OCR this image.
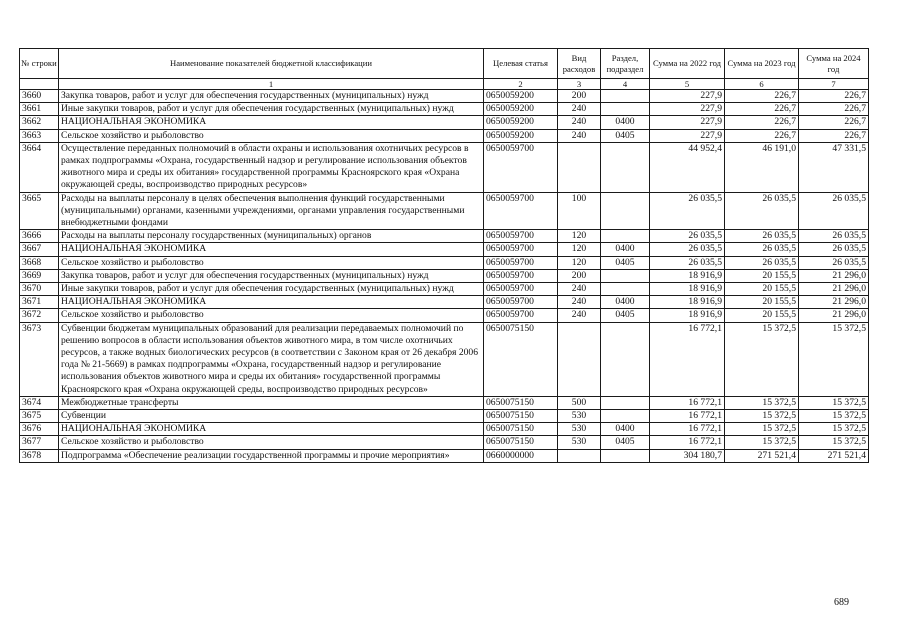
№ строки	Наименование показателей бюджетной классификации	Целевая статья	Вид расходов	Раздел, подраздел	Сумма на 2022 год	Сумма на 2023 год	Сумма на 2024 год
	1	2	3	4	5	6	7
3660	Закупка товаров, работ и услуг для обеспечения государственных (муниципальных) нужд	0650059200	200		227,9	226,7	226,7
3661	Иные закупки товаров, работ и услуг для обеспечения государственных (муниципальных) нужд	0650059200	240		227,9	226,7	226,7
3662	НАЦИОНАЛЬНАЯ ЭКОНОМИКА	0650059200	240	0400	227,9	226,7	226,7
3663	Сельское хозяйство и рыболовство	0650059200	240	0405	227,9	226,7	226,7
3664	Осуществление переданных полномочий в области охраны и использования охотничьих ресурсов в рамках подпрограммы «Охрана, государственный надзор и регулирование использования объектов животного мира и среды их обитания» государственной программы Красноярского края «Охрана окружающей среды, воспроизводство природных ресурсов»	0650059700			44 952,4	46 191,0	47 331,5
3665	Расходы на выплаты персоналу в целях обеспечения выполнения функций государственными (муниципальными) органами, казенными учреждениями, органами управления государственными внебюджетными фондами	0650059700	100		26 035,5	26 035,5	26 035,5
3666	Расходы на выплаты персоналу государственных (муниципальных) органов	0650059700	120		26 035,5	26 035,5	26 035,5
3667	НАЦИОНАЛЬНАЯ ЭКОНОМИКА	0650059700	120	0400	26 035,5	26 035,5	26 035,5
3668	Сельское хозяйство и рыболовство	0650059700	120	0405	26 035,5	26 035,5	26 035,5
3669	Закупка товаров, работ и услуг для обеспечения государственных (муниципальных) нужд	0650059700	200		18 916,9	20 155,5	21 296,0
3670	Иные закупки товаров, работ и услуг для обеспечения государственных (муниципальных) нужд	0650059700	240		18 916,9	20 155,5	21 296,0
3671	НАЦИОНАЛЬНАЯ ЭКОНОМИКА	0650059700	240	0400	18 916,9	20 155,5	21 296,0
3672	Сельское хозяйство и рыболовство	0650059700	240	0405	18 916,9	20 155,5	21 296,0
3673	Субвенции бюджетам муниципальных образований для реализации передаваемых полномочий по решению вопросов в области использования объектов животного мира, в том числе охотничьих ресурсов, а также водных биологических ресурсов (в соответствии с Законом края от 26 декабря 2006 года № 21-5669) в рамках подпрограммы «Охрана, государственный надзор и регулирование использования объектов животного мира и среды их обитания» государственной программы Красноярского края «Охрана окружающей среды, воспроизводство природных ресурсов»	0650075150			16 772,1	15 372,5	15 372,5
3674	Межбюджетные трансферты	0650075150	500		16 772,1	15 372,5	15 372,5
3675	Субвенции	0650075150	530		16 772,1	15 372,5	15 372,5
3676	НАЦИОНАЛЬНАЯ ЭКОНОМИКА	0650075150	530	0400	16 772,1	15 372,5	15 372,5
3677	Сельское хозяйство и рыболовство	0650075150	530	0405	16 772,1	15 372,5	15 372,5
3678	Подпрограмма «Обеспечение реализации государственной программы и прочие мероприятия»	0660000000			304 180,7	271 521,4	271 521,4
689
